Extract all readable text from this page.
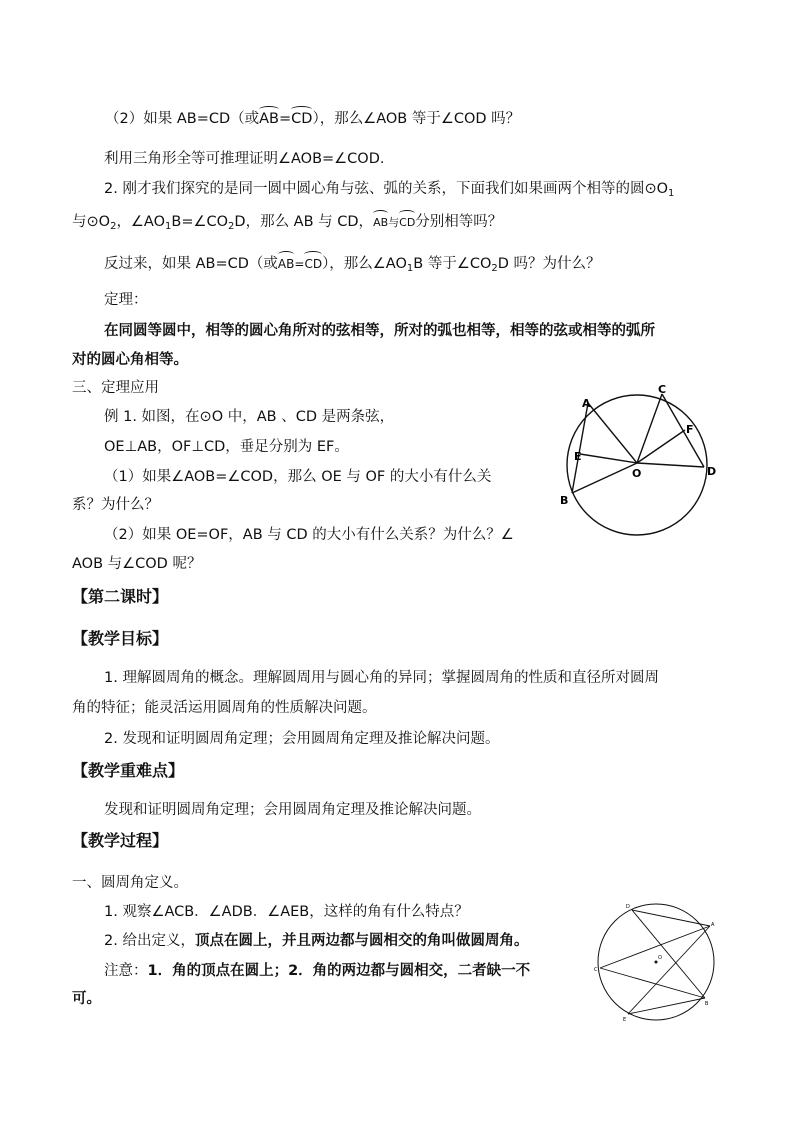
（2）如果 AB=CD（或AB=CD），那么∠AOB 等于∠COD 吗？
利用三角形全等可推理证明∠AOB=∠COD.
2. 刚才我们探究的是同一圆中圆心角与弦、弧的关系，下面我们如果画两个相等的圆$⊙O_1$
与$⊙O_2$，$\angle AO_1B=\angle CO_2D$，那么 AB 与 CD，AB与CD分别相等吗？
反过来，如果 AB=CD（或AB=CD），那么$\angle AO_1B$ 等于$\angle CO_2D$ 吗？为什么？
定理：
在同圆等圆中，相等的圆心角所对的弦相等，所对的弧也相等，相等的弦或相等的弧所
对的圆心角相等。
三、定理应用
例 1. 如图，在⊙O 中，AB 、CD 是两条弦，
OE⊥AB，OF⊥CD，垂足分别为 EF。
（1）如果∠AOB=∠COD，那么 OE 与 OF 的大小有什么关
系？为什么？
（2）如果 OE=OF，AB 与 CD 的大小有什么关系？为什么？∠
AOB 与∠COD 呢？
A
B
C
D
E
F
O
【第二课时】
【教学目标】
1. 理解圆周角的概念。理解圆周用与圆心角的异同；掌握圆周角的性质和直径所对圆周
角的特征；能灵活运用圆周角的性质解决问题。
2. 发现和证明圆周角定理；会用圆周角定理及推论解决问题。
【教学重难点】
发现和证明圆周角定理；会用圆周角定理及推论解决问题。
【教学过程】
一、圆周角定义。
1. 观察∠ACB．∠ADB．∠AEB，这样的角有什么特点？
2. 给出定义，顶点在圆上，并且两边都与圆相交的角叫做圆周角。
注意：1．角的顶点在圆上；2．角的两边都与圆相交，二者缺一不
可。
D
A
C
B
E
O
